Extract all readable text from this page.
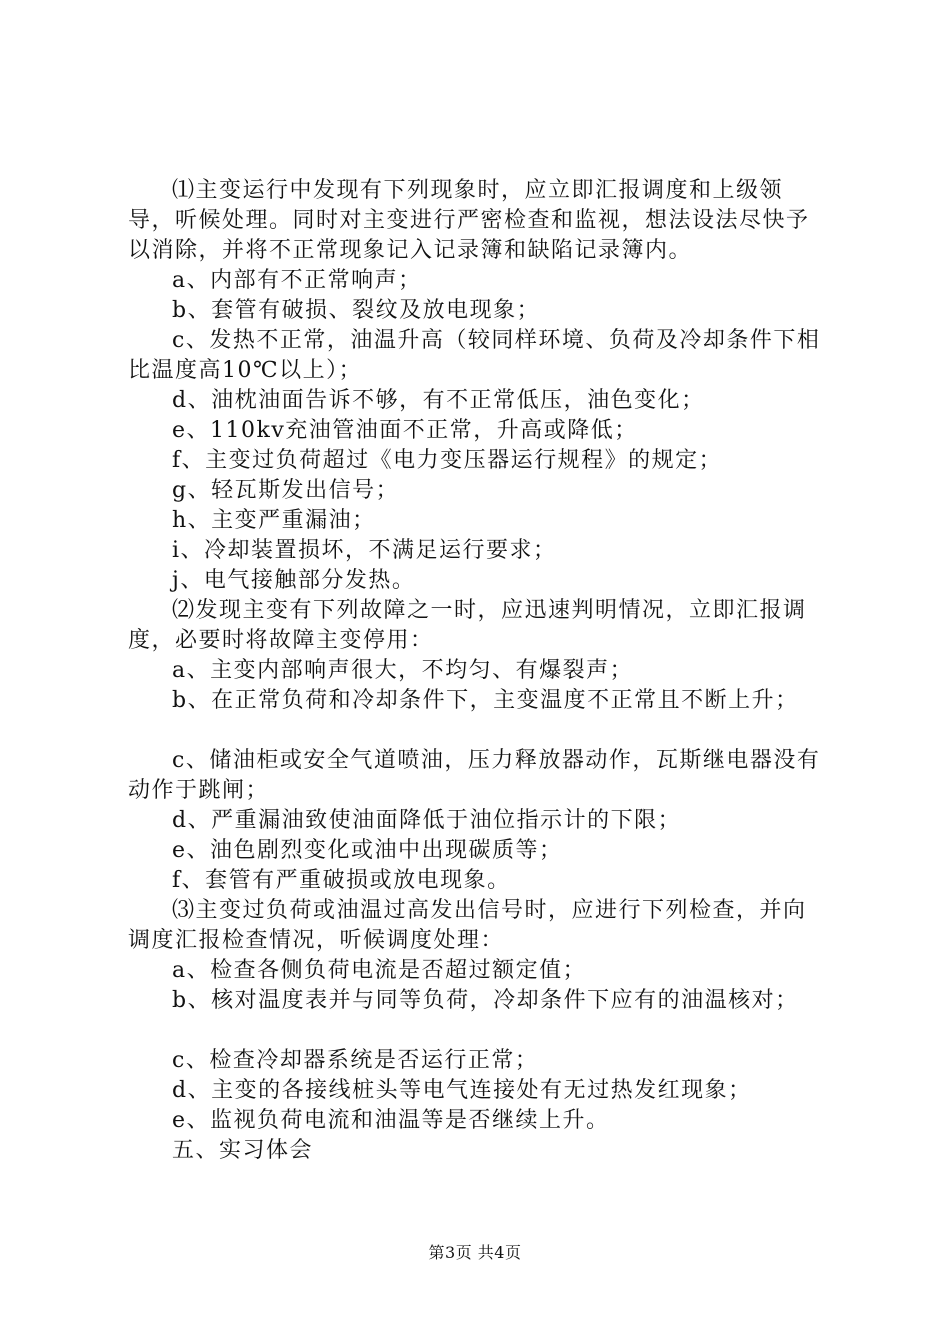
⑴主变运行中发现有下列现象时，应立即汇报调度和上级领导，听候处理。同时对主变进行严密检查和监视，想法设法尽快予以消除，并将不正常现象记入记录簿和缺陷记录簿内。

a、内部有不正常响声；

b、套管有破损、裂纹及放电现象；

c、发热不正常，油温升高（较同样环境、负荷及冷却条件下相比温度高10℃以上）；

d、油枕油面告诉不够，有不正常低压，油色变化；

e、110kv充油管油面不正常，升高或降低；

f、主变过负荷超过《电力变压器运行规程》的规定；

g、轻瓦斯发出信号；

h、主变严重漏油；

i、冷却装置损坏，不满足运行要求；

j、电气接触部分发热。

⑵发现主变有下列故障之一时，应迅速判明情况，立即汇报调度，必要时将故障主变停用：

a、主变内部响声很大，不均匀、有爆裂声；

b、在正常负荷和冷却条件下，主变温度不正常且不断上升；

c、储油柜或安全气道喷油，压力释放器动作，瓦斯继电器没有动作于跳闸；

d、严重漏油致使油面降低于油位指示计的下限；

e、油色剧烈变化或油中出现碳质等；

f、套管有严重破损或放电现象。

⑶主变过负荷或油温过高发出信号时，应进行下列检查，并向调度汇报检查情况，听候调度处理：

a、检查各侧负荷电流是否超过额定值；

b、核对温度表并与同等负荷，冷却条件下应有的油温核对；

c、检查冷却器系统是否运行正常；

d、主变的各接线桩头等电气连接处有无过热发红现象；

e、监视负荷电流和油温等是否继续上升。

五、实习体会

第3页 共4页
